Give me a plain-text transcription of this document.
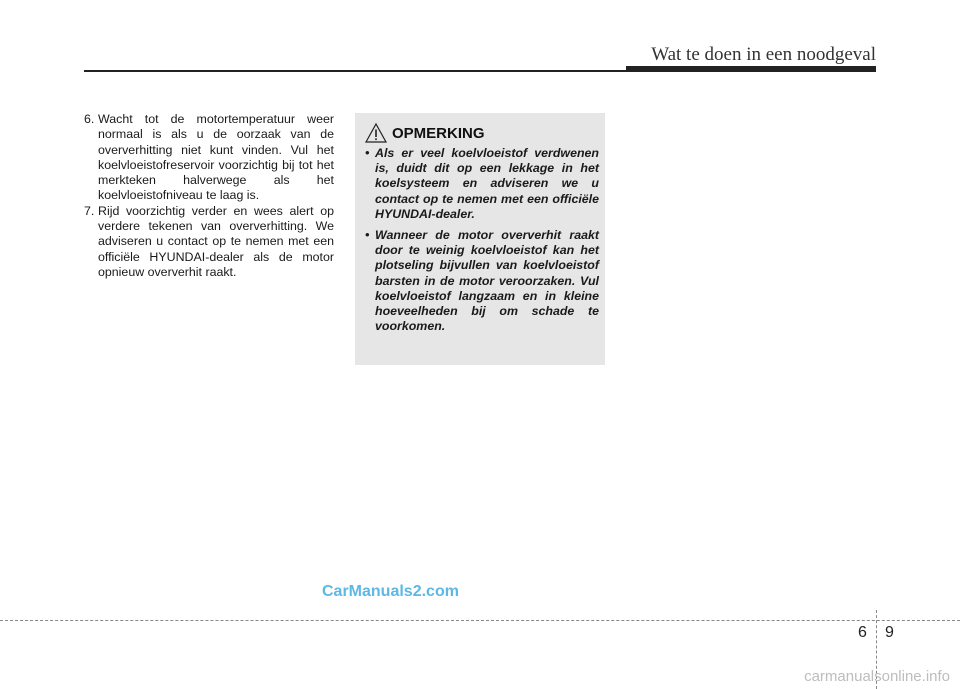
Wat te doen in een noodgeval

6. Wacht tot de motortemperatuur weer normaal is als u de oorzaak van de oververhitting niet kunt vinden. Vul het koelvloeistofreservoir voorzichtig bij tot het merkteken halverwege als het koelvloeistofniveau te laag is.

7. Rijd voorzichtig verder en wees alert op verdere tekenen van oververhitting. We adviseren u contact op te nemen met een officiële HYUNDAI-dealer als de motor opnieuw oververhit raakt.

OPMERKING
• Als er veel koelvloeistof verdwenen is, duidt dit op een lekkage in het koelsysteem en adviseren we u contact op te nemen met een officiële HYUNDAI-dealer.
• Wanneer de motor oververhit raakt door te weinig koelvloeistof kan het plotseling bijvullen van koelvloeistof barsten in de motor veroorzaken. Vul koelvloeistof langzaam en in kleine hoeveelheden bij om schade te voorkomen.
CarManuals2.com
6 9
carmanualsonline.info
